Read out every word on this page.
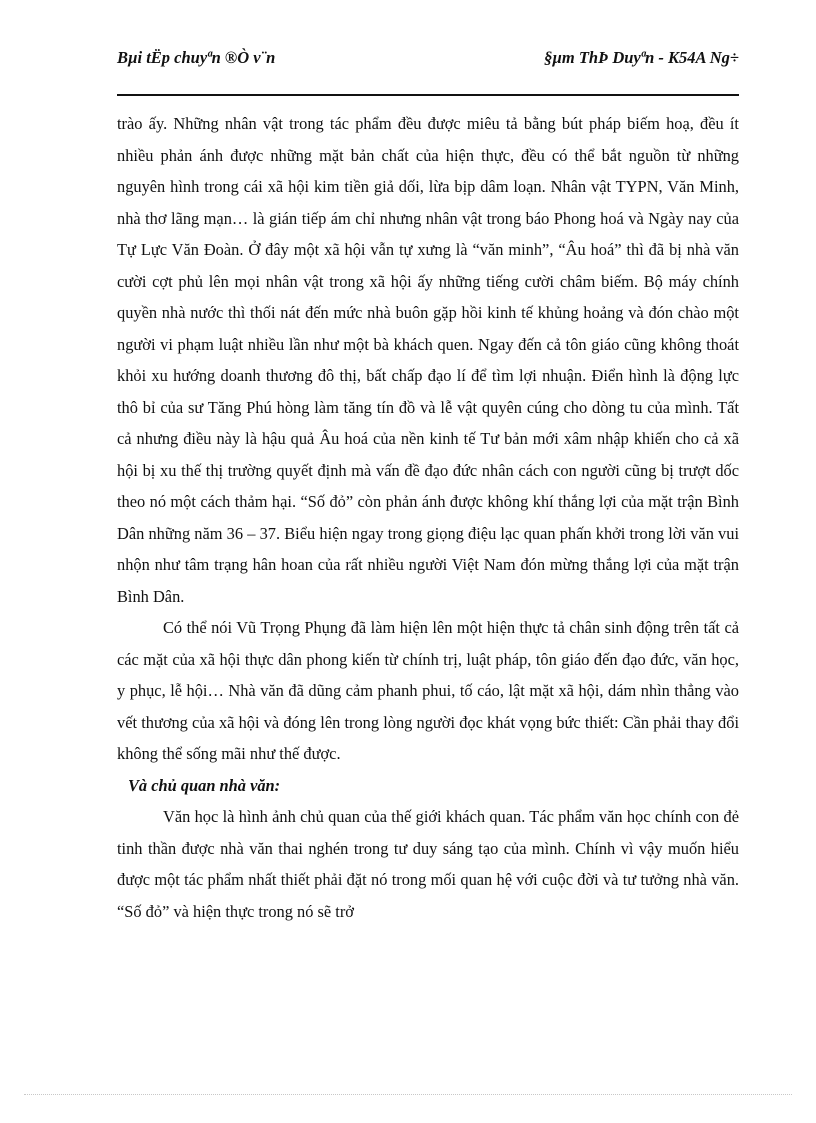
Bµi tËp chuyªn ®Ò v¨n	§µm ThÞ Duyªn - K54A Ng÷

trào ấy. Những nhân vật trong tác phẩm đều được miêu tả bằng bút pháp biếm hoạ, đều ít nhiều phản ánh được những mặt bản chất của hiện thực, đều có thể bắt nguồn từ những nguyên hình trong cái xã hội kim tiền giả dối, lừa bịp dâm loạn. Nhân vật TYPN, Văn Minh, nhà thơ lãng mạn… là gián tiếp ám chỉ nhưng nhân vật trong báo Phong hoá và Ngày nay của Tự Lực Văn Đoàn. Ở đây một xã hội vẫn tự xưng là “văn minh”, “Âu hoá” thì đã bị nhà văn cười cợt phủ lên mọi nhân vật trong xã hội ấy những tiếng cười châm biếm. Bộ máy chính quyền nhà nước thì thối nát đến mức nhà buôn gặp hồi kinh tế khủng hoảng và đón chào một người vi phạm luật nhiều lần như một bà khách quen. Ngay đến cả tôn giáo cũng không thoát khỏi xu hướng doanh thương đô thị, bất chấp đạo lí để tìm lợi nhuận. Điển hình là động lực thô bỉ của sư Tăng Phú hòng làm tăng tín đồ và lễ vật quyên cúng cho dòng tu của mình. Tất cả nhưng điều này là hậu quả Âu hoá của nền kinh tế Tư bản mới xâm nhập khiến cho cả xã hội bị xu thế thị trường quyết định mà vấn đề đạo đức nhân cách con người cũng bị trượt dốc theo nó một cách thảm hại. “Số đỏ” còn phản ánh được không khí thắng lợi của mặt trận Bình Dân những năm 36 – 37. Biểu hiện ngay trong giọng điệu lạc quan phấn khởi trong lời văn vui nhộn như tâm trạng hân hoan của rất nhiều người Việt Nam đón mừng thắng lợi của mặt trận Bình Dân.

Có thể nói Vũ Trọng Phụng đã làm hiện lên một hiện thực tả chân sinh động trên tất cả các mặt của xã hội thực dân phong kiến từ chính trị, luật pháp, tôn giáo đến đạo đức, văn học, y phục, lễ hội… Nhà văn đã dũng cảm phanh phui, tố cáo, lật mặt xã hội, dám nhìn thẳng vào vết thương của xã hội và đóng lên trong lòng người đọc khát vọng bức thiết: Cần phải thay đổi không thể sống mãi như thế được.

Và chủ quan nhà văn:

Văn học là hình ảnh chủ quan của thế giới khách quan. Tác phẩm văn học chính con đẻ tinh thần được nhà văn thai nghén trong tư duy sáng tạo của mình. Chính vì vậy muốn hiểu được một tác phẩm nhất thiết phải đặt nó trong mối quan hệ với cuộc đời và tư tưởng nhà văn. “Số đỏ” và hiện thực trong nó sẽ trở
